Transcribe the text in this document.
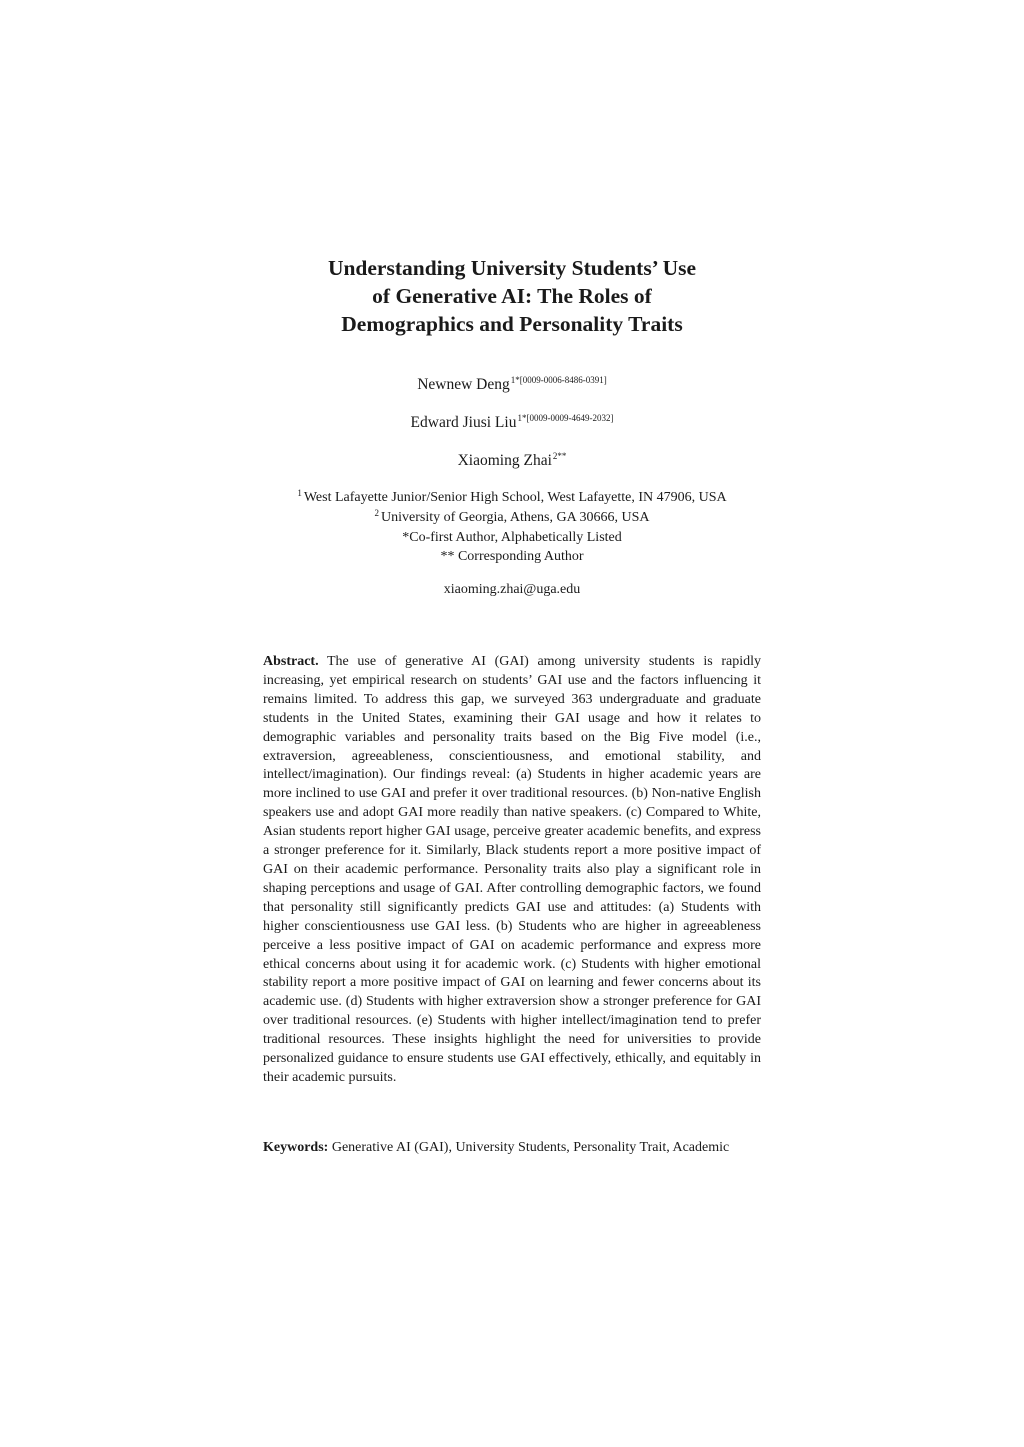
Understanding University Students’ Use
of Generative AI: The Roles of
Demographics and Personality Traits
Newnew Deng$^{1*[0009-0006-8486-0391]}$
Edward Jiusi Liu$^{1*[0009-0009-4649-2032]}$
Xiaoming Zhai$^{2**}$
$^1$ West Lafayette Junior/Senior High School, West Lafayette, IN 47906, USA
$^2$ University of Georgia, Athens, GA 30666, USA
*Co-first Author, Alphabetically Listed
** Corresponding Author
xiaoming.zhai@uga.edu
Abstract. The use of generative AI (GAI) among university students is rapidly increasing, yet empirical research on students’ GAI use and the factors influencing it remains limited. To address this gap, we surveyed 363 undergraduate and graduate students in the United States, examining their GAI usage and how it relates to demographic variables and personality traits based on the Big Five model (i.e., extraversion, agreeableness, conscientiousness, and emotional stability, and intellect/imagination). Our findings reveal: (a) Students in higher academic years are more inclined to use GAI and prefer it over traditional resources. (b) Non-native English speakers use and adopt GAI more readily than native speakers. (c) Compared to White, Asian students report higher GAI usage, perceive greater academic benefits, and express a stronger preference for it. Similarly, Black students report a more positive impact of GAI on their academic performance. Personality traits also play a significant role in shaping perceptions and usage of GAI. After controlling demographic factors, we found that personality still significantly predicts GAI use and attitudes: (a) Students with higher conscientiousness use GAI less. (b) Students who are higher in agreeableness perceive a less positive impact of GAI on academic performance and express more ethical concerns about using it for academic work. (c) Students with higher emotional stability report a more positive impact of GAI on learning and fewer concerns about its academic use. (d) Students with higher extraversion show a stronger preference for GAI over traditional resources. (e) Students with higher intellect/imagination tend to prefer traditional resources. These insights highlight the need for universities to provide personalized guidance to ensure students use GAI effectively, ethically, and equitably in their academic pursuits.
Keywords: Generative AI (GAI), University Students, Personality Trait, Academic
